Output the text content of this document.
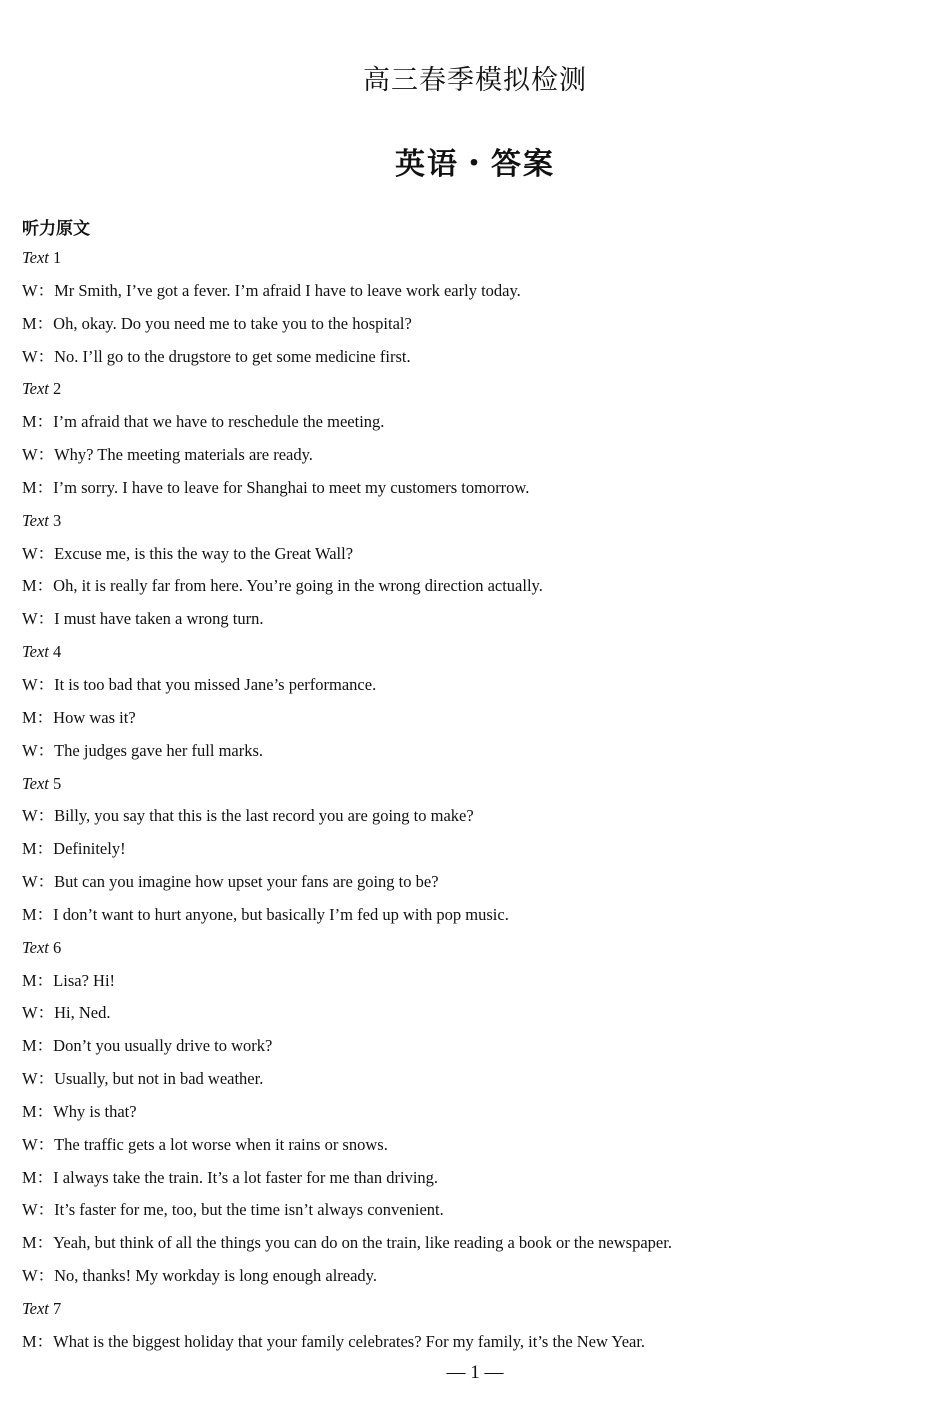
高三春季模拟检测
英语・答案
听力原文
Text 1
W：Mr Smith, I’ve got a fever. I’m afraid I have to leave work early today.
M：Oh, okay. Do you need me to take you to the hospital?
W：No. I’ll go to the drugstore to get some medicine first.
Text 2
M：I’m afraid that we have to reschedule the meeting.
W：Why? The meeting materials are ready.
M：I’m sorry. I have to leave for Shanghai to meet my customers tomorrow.
Text 3
W：Excuse me, is this the way to the Great Wall?
M：Oh, it is really far from here. You’re going in the wrong direction actually.
W：I must have taken a wrong turn.
Text 4
W：It is too bad that you missed Jane’s performance.
M：How was it?
W：The judges gave her full marks.
Text 5
W：Billy, you say that this is the last record you are going to make?
M：Definitely!
W：But can you imagine how upset your fans are going to be?
M：I don’t want to hurt anyone, but basically I’m fed up with pop music.
Text 6
M：Lisa? Hi!
W：Hi, Ned.
M：Don’t you usually drive to work?
W：Usually, but not in bad weather.
M：Why is that?
W：The traffic gets a lot worse when it rains or snows.
M：I always take the train. It’s a lot faster for me than driving.
W：It’s faster for me, too, but the time isn’t always convenient.
M：Yeah, but think of all the things you can do on the train, like reading a book or the newspaper.
W：No, thanks! My workday is long enough already.
Text 7
M：What is the biggest holiday that your family celebrates? For my family, it’s the New Year.
— 1 —
